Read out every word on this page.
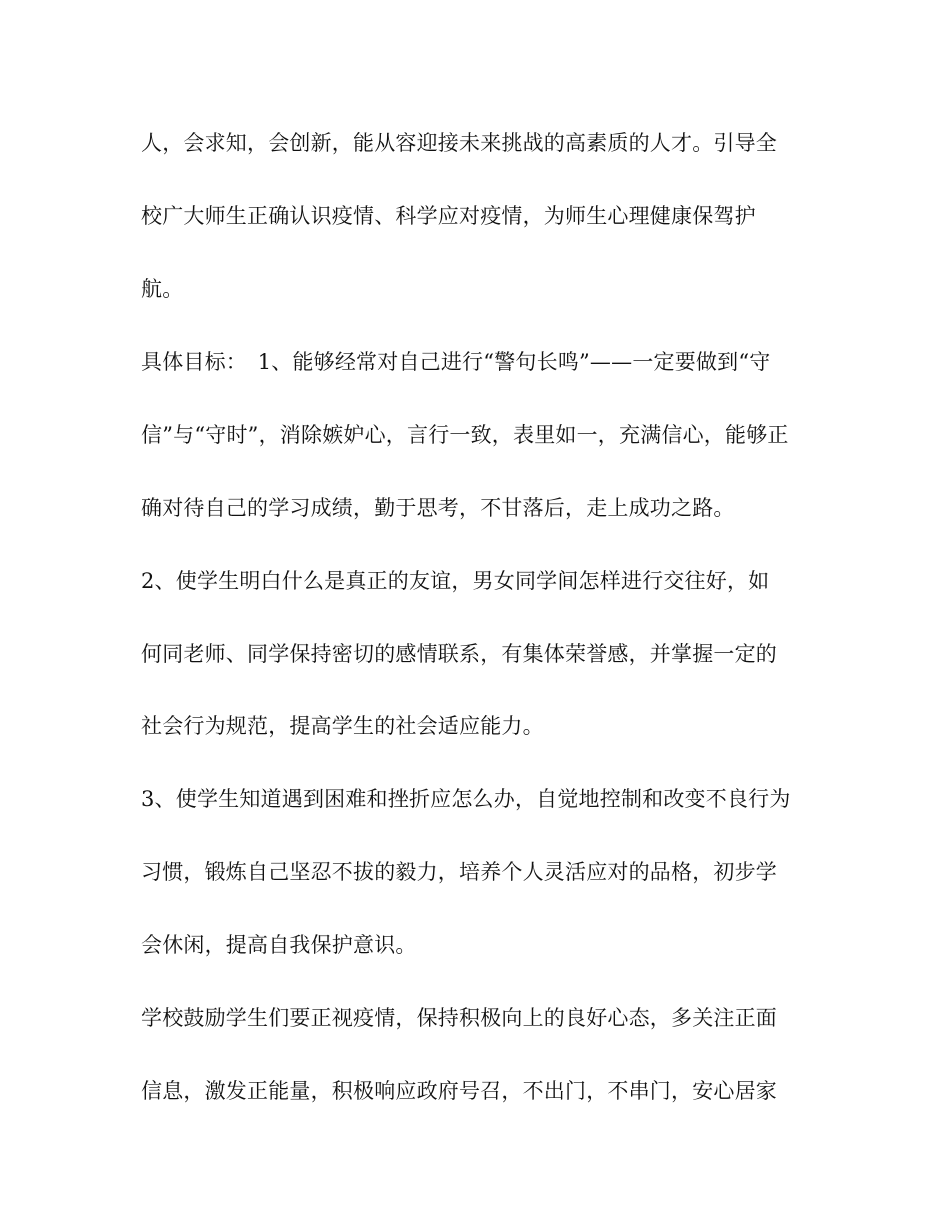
人，会求知，会创新，能从容迎接未来挑战的高素质的人才。引导全
校广大师生正确认识疫情、科学应对疫情，为师生心理健康保驾护
航。
具体目标：　1、能够经常对自己进行“警句长鸣”——一定要做到“守
信”与“守时”，消除嫉妒心，言行一致，表里如一，充满信心，能够正
确对待自己的学习成绩，勤于思考，不甘落后，走上成功之路。
2、使学生明白什么是真正的友谊，男女同学间怎样进行交往好，如
何同老师、同学保持密切的感情联系，有集体荣誉感，并掌握一定的
社会行为规范，提高学生的社会适应能力。
3、使学生知道遇到困难和挫折应怎么办，自觉地控制和改变不良行为
习惯，锻炼自己坚忍不拔的毅力，培养个人灵活应对的品格，初步学
会休闲，提高自我保护意识。
学校鼓励学生们要正视疫情，保持积极向上的良好心态，多关注正面
信息，激发正能量，积极响应政府号召，不出门，不串门，安心居家
